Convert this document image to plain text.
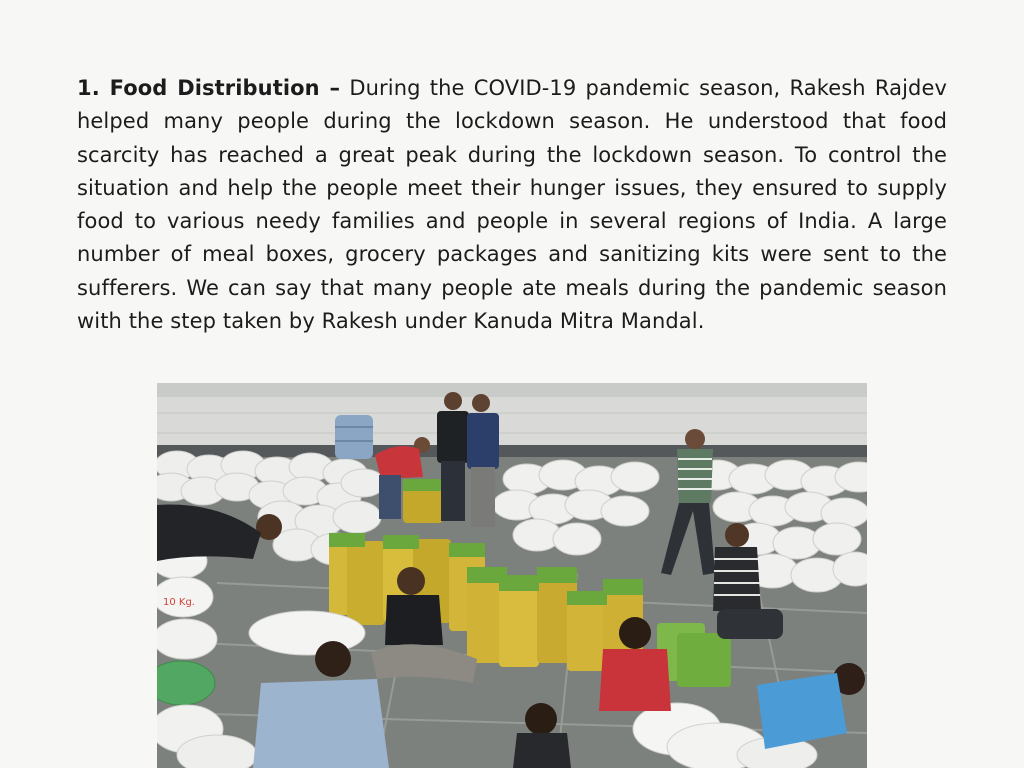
1. Food Distribution – During the COVID-19 pandemic season, Rakesh Rajdev helped many people during the lockdown season. He understood that food scarcity has reached a great peak during the lockdown season. To control the situation and help the people meet their hunger issues, they ensured to supply food to various needy families and people in several regions of India. A large number of meal boxes, grocery packages and sanitizing kits were sent to the sufferers. We can say that many people ate meals during the pandemic season with the step taken by Rakesh under Kanuda Mitra Mandal.

10 Kg.
